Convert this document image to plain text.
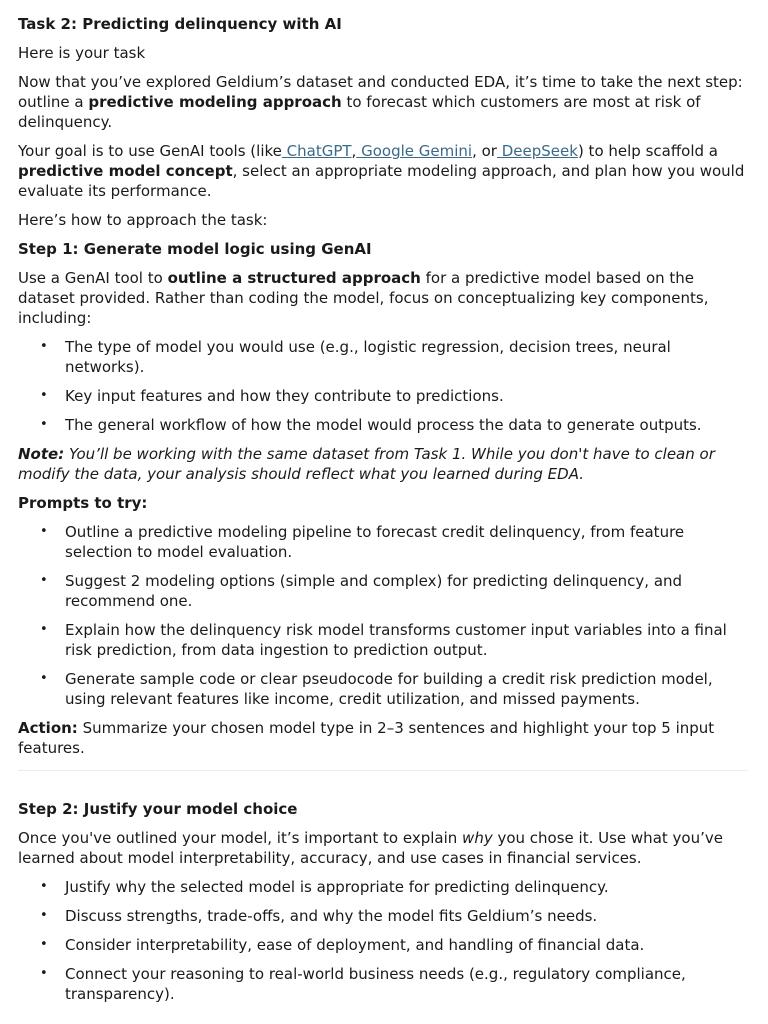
Task 2: Predicting delinquency with AI

Here is your task

Now that you’ve explored Geldium’s dataset and conducted EDA, it’s time to take the next step: outline a predictive modeling approach to forecast which customers are most at risk of delinquency.

Your goal is to use GenAI tools (like ChatGPT, Google Gemini, or DeepSeek) to help scaffold a predictive model concept, select an appropriate modeling approach, and plan how you would evaluate its performance.

Here’s how to approach the task:

Step 1: Generate model logic using GenAI

Use a GenAI tool to outline a structured approach for a predictive model based on the dataset provided. Rather than coding the model, focus on conceptualizing key components, including:

• The type of model you would use (e.g., logistic regression, decision trees, neural networks).
• Key input features and how they contribute to predictions.
• The general workflow of how the model would process the data to generate outputs.

Note: You’ll be working with the same dataset from Task 1. While you don't have to clean or modify the data, your analysis should reflect what you learned during EDA.

Prompts to try:
• Outline a predictive modeling pipeline to forecast credit delinquency, from feature selection to model evaluation.
• Suggest 2 modeling options (simple and complex) for predicting delinquency, and recommend one.
• Explain how the delinquency risk model transforms customer input variables into a final risk prediction, from data ingestion to prediction output.
• Generate sample code or clear pseudocode for building a credit risk prediction model, using relevant features like income, credit utilization, and missed payments.

Action: Summarize your chosen model type in 2–3 sentences and highlight your top 5 input features.

Step 2: Justify your model choice

Once you've outlined your model, it’s important to explain why you chose it. Use what you’ve learned about model interpretability, accuracy, and use cases in financial services.

• Justify why the selected model is appropriate for predicting delinquency.
• Discuss strengths, trade-offs, and why the model fits Geldium’s needs.
• Consider interpretability, ease of deployment, and handling of financial data.
• Connect your reasoning to real-world business needs (e.g., regulatory compliance, transparency).
